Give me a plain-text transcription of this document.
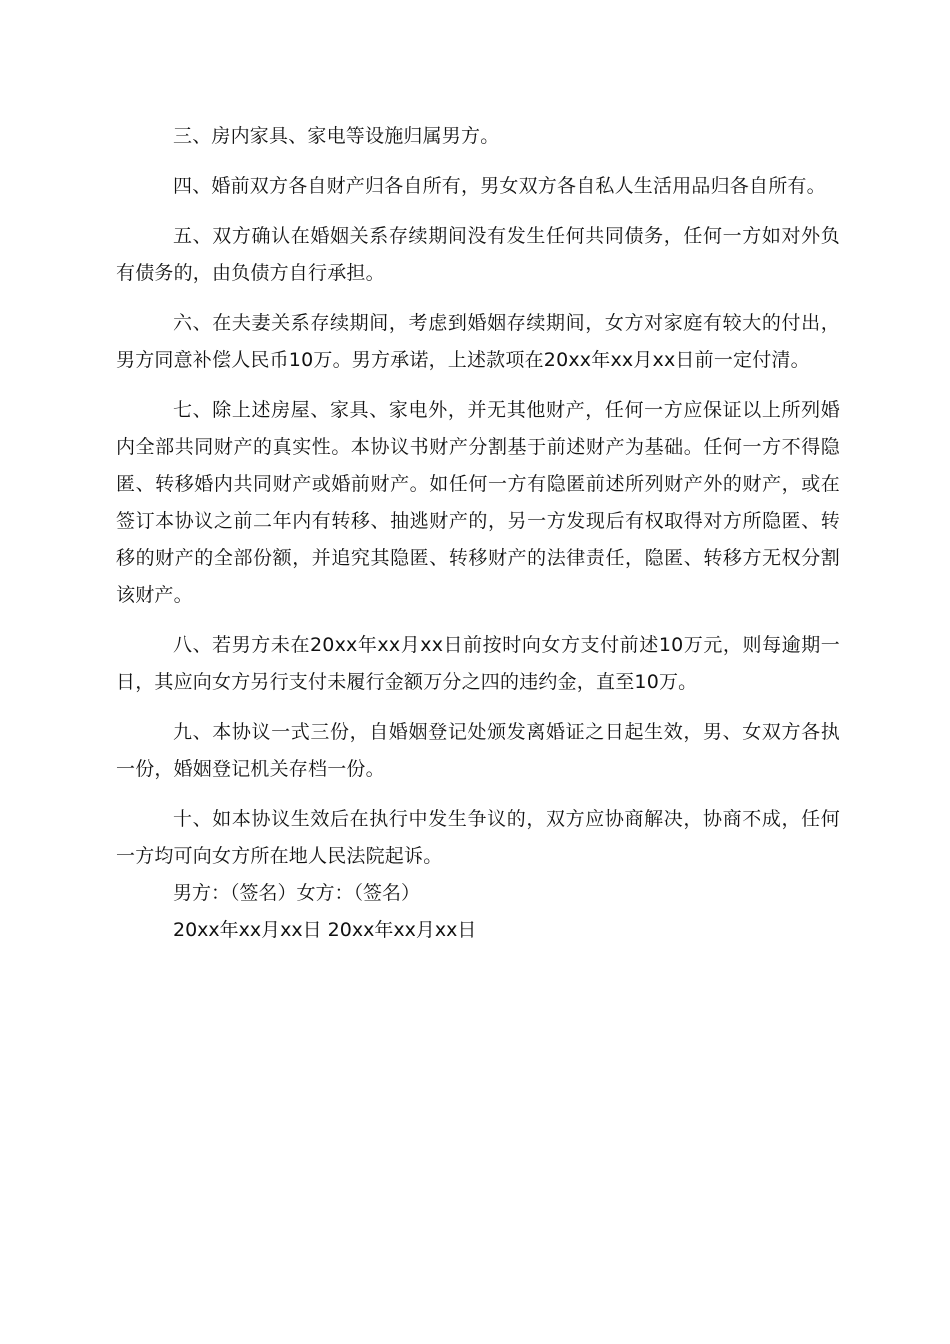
三、房内家具、家电等设施归属男方。

四、婚前双方各自财产归各自所有，男女双方各自私人生活用品归各自所有。

五、双方确认在婚姻关系存续期间没有发生任何共同债务，任何一方如对外负有债务的，由负债方自行承担。

六、在夫妻关系存续期间，考虑到婚姻存续期间，女方对家庭有较大的付出，男方同意补偿人民币10万。男方承诺，上述款项在20xx年xx月xx日前一定付清。

七、除上述房屋、家具、家电外，并无其他财产，任何一方应保证以上所列婚内全部共同财产的真实性。本协议书财产分割基于前述财产为基础。任何一方不得隐匿、转移婚内共同财产或婚前财产。如任何一方有隐匿前述所列财产外的财产，或在签订本协议之前二年内有转移、抽逃财产的，另一方发现后有权取得对方所隐匿、转移的财产的全部份额，并追究其隐匿、转移财产的法律责任，隐匿、转移方无权分割该财产。

八、若男方未在20xx年xx月xx日前按时向女方支付前述10万元，则每逾期一日，其应向女方另行支付未履行金额万分之四的违约金，直至10万。

九、本协议一式三份，自婚姻登记处颁发离婚证之日起生效，男、女双方各执一份，婚姻登记机关存档一份。

十、如本协议生效后在执行中发生争议的，双方应协商解决，协商不成，任何一方均可向女方所在地人民法院起诉。

男方：（签名）女方：（签名）

20xx年xx月xx日 20xx年xx月xx日
